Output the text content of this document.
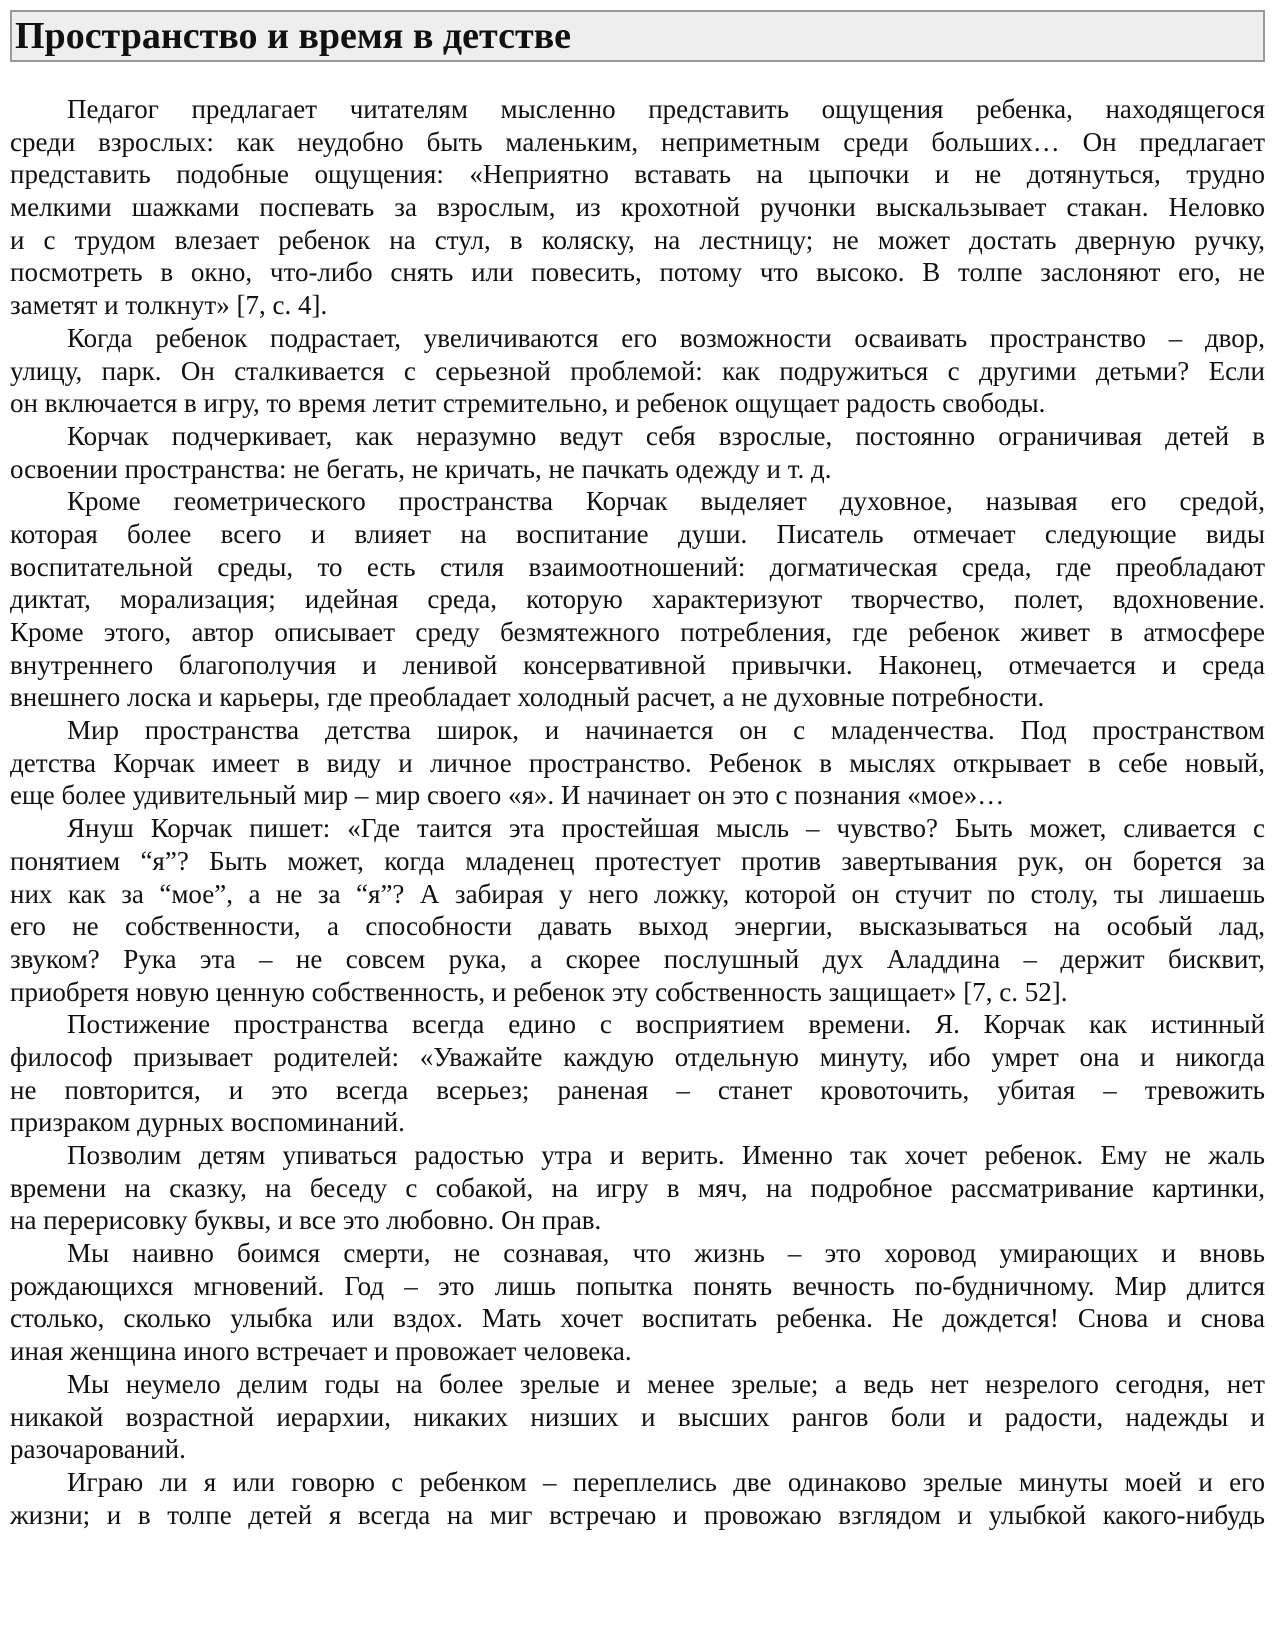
Пространство и время в детстве
Педагог предлагает читателям мысленно представить ощущения ребенка, находящегося
среди взрослых: как неудобно быть маленьким, неприметным среди больших… Он предлагает
представить подобные ощущения: «Неприятно вставать на цыпочки и не дотянуться, трудно
мелкими шажками поспевать за взрослым, из крохотной ручонки выскальзывает стакан. Неловко
и с трудом влезает ребенок на стул, в коляску, на лестницу; не может достать дверную ручку,
посмотреть в окно, что-либо снять или повесить, потому что высоко. В толпе заслоняют его, не
заметят и толкнут» [7, с. 4].
Когда ребенок подрастает, увеличиваются его возможности осваивать пространство – двор,
улицу, парк. Он сталкивается с серьезной проблемой: как подружиться с другими детьми? Если
он включается в игру, то время летит стремительно, и ребенок ощущает радость свободы.
Корчак подчеркивает, как неразумно ведут себя взрослые, постоянно ограничивая детей в
освоении пространства: не бегать, не кричать, не пачкать одежду и т. д.
Кроме геометрического пространства Корчак выделяет духовное, называя его средой,
которая более всего и влияет на воспитание души. Писатель отмечает следующие виды
воспитательной среды, то есть стиля взаимоотношений: догматическая среда, где преобладают
диктат, морализация; идейная среда, которую характеризуют творчество, полет, вдохновение.
Кроме этого, автор описывает среду безмятежного потребления, где ребенок живет в атмосфере
внутреннего благополучия и ленивой консервативной привычки. Наконец, отмечается и среда
внешнего лоска и карьеры, где преобладает холодный расчет, а не духовные потребности.
Мир пространства детства широк, и начинается он с младенчества. Под пространством
детства Корчак имеет в виду и личное пространство. Ребенок в мыслях открывает в себе новый,
еще более удивительный мир – мир своего «я». И начинает он это с познания «мое»…
Януш Корчак пишет: «Где таится эта простейшая мысль – чувство? Быть может, сливается с
понятием “я”? Быть может, когда младенец протестует против завертывания рук, он борется за
них как за “мое”, а не за “я”? А забирая у него ложку, которой он стучит по столу, ты лишаешь
его не собственности, а способности давать выход энергии, высказываться на особый лад,
звуком? Рука эта – не совсем рука, а скорее послушный дух Аладдина – держит бисквит,
приобретя новую ценную собственность, и ребенок эту собственность защищает» [7, с. 52].
Постижение пространства всегда едино с восприятием времени. Я. Корчак как истинный
философ призывает родителей: «Уважайте каждую отдельную минуту, ибо умрет она и никогда
не повторится, и это всегда всерьез; раненая – станет кровоточить, убитая – тревожить
призраком дурных воспоминаний.
Позволим детям упиваться радостью утра и верить. Именно так хочет ребенок. Ему не жаль
времени на сказку, на беседу с собакой, на игру в мяч, на подробное рассматривание картинки,
на перерисовку буквы, и все это любовно. Он прав.
Мы наивно боимся смерти, не сознавая, что жизнь – это хоровод умирающих и вновь
рождающихся мгновений. Год – это лишь попытка понять вечность по-будничному. Мир длится
столько, сколько улыбка или вздох. Мать хочет воспитать ребенка. Не дождется! Снова и снова
иная женщина иного встречает и провожает человека.
Мы неумело делим годы на более зрелые и менее зрелые; а ведь нет незрелого сегодня, нет
никакой возрастной иерархии, никаких низших и высших рангов боли и радости, надежды и
разочарований.
Играю ли я или говорю с ребенком – переплелись две одинаково зрелые минуты моей и его
жизни; и в толпе детей я всегда на миг встречаю и провожаю взглядом и улыбкой какого-нибудь
